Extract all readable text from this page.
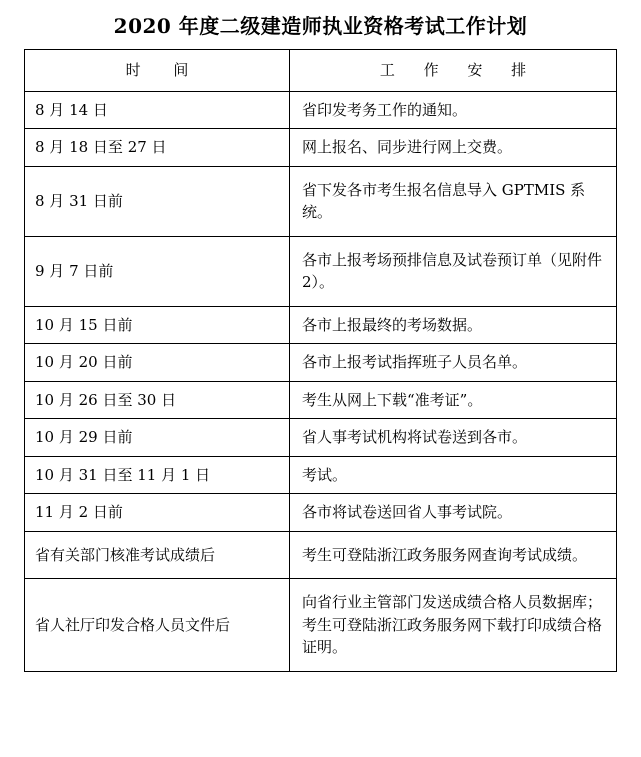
2020 年度二级建造师执业资格考试工作计划
时 间	工 作 安 排
8 月 14 日	省印发考务工作的通知。
8 月 18 日至 27 日	网上报名、同步进行网上交费。
8 月 31 日前	省下发各市考生报名信息导入 GPTMIS 系统。
9 月 7 日前	各市上报考场预排信息及试卷预订单（见附件 2）。
10 月 15 日前	各市上报最终的考场数据。
10 月 20 日前	各市上报考试指挥班子人员名单。
10 月 26 日至 30 日	考生从网上下载“准考证”。
10 月 29 日前	省人事考试机构将试卷送到各市。
10 月 31 日至 11 月 1 日	考试。
11 月 2 日前	各市将试卷送回省人事考试院。
省有关部门核准考试成绩后	考生可登陆浙江政务服务网查询考试成绩。
省人社厅印发合格人员文件后	向省行业主管部门发送成绩合格人员数据库； 考生可登陆浙江政务服务网下载打印成绩合格证明。
